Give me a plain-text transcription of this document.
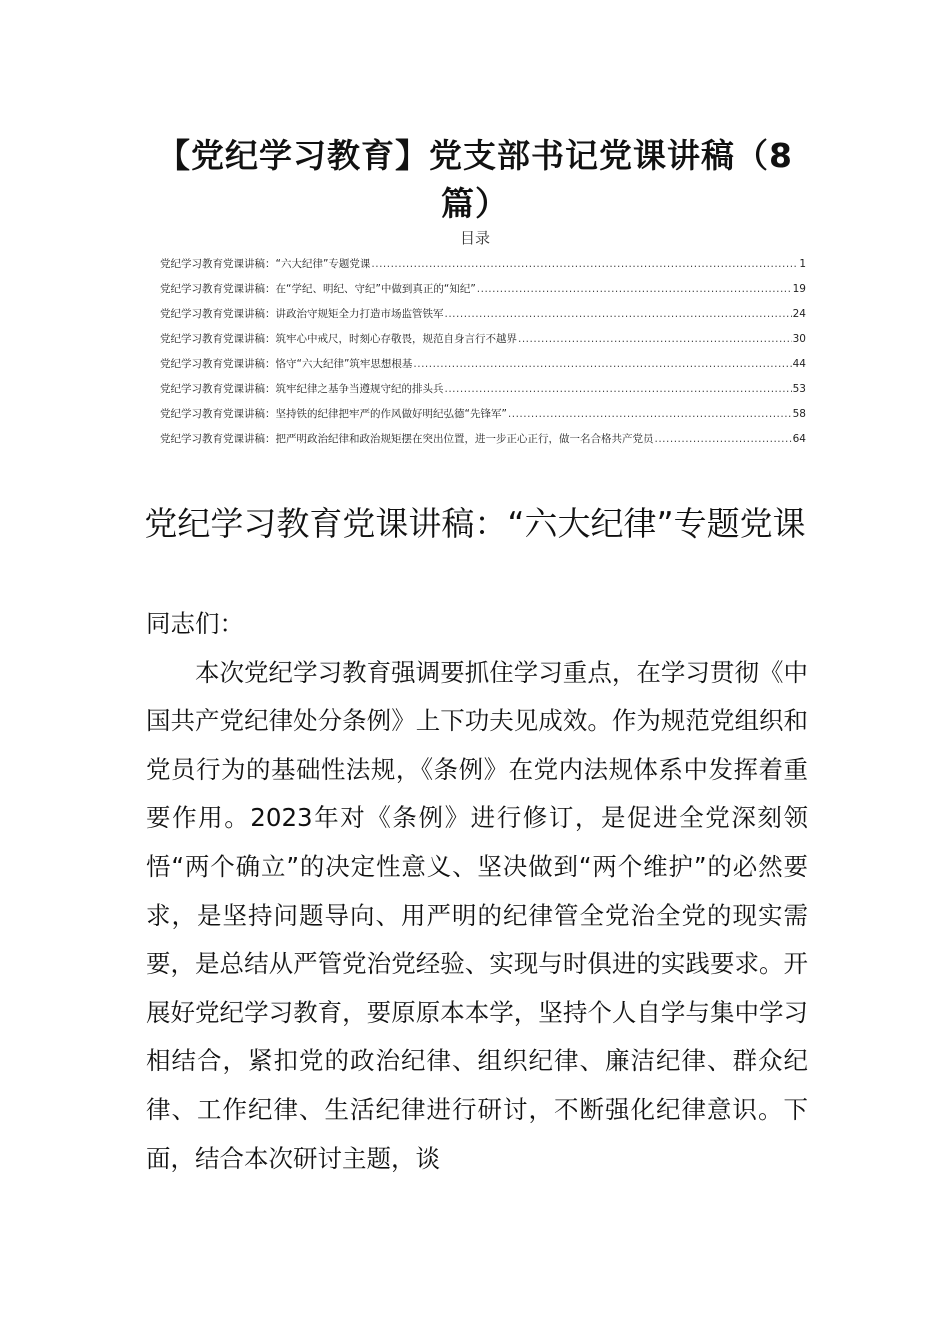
【党纪学习教育】党支部书记党课讲稿（8篇）
目录
党纪学习教育党课讲稿：“六大纪律”专题党课 .....	1
党纪学习教育党课讲稿：在“学纪、明纪、守纪”中做到真正的“知纪” .....	19
党纪学习教育党课讲稿：讲政治守规矩全力打造市场监管铁军 .....	24
党纪学习教育党课讲稿：筑牢心中戒尺，时刻心存敬畏，规范自身言行不越界 .....	30
党纪学习教育党课讲稿：恪守“六大纪律”筑牢思想根基 .....	44
党纪学习教育党课讲稿：筑牢纪律之基争当遵规守纪的排头兵 .....	53
党纪学习教育党课讲稿：坚持铁的纪律把牢严的作风做好明纪弘德“先锋军” .....	58
党纪学习教育党课讲稿：把严明政治纪律和政治规矩摆在突出位置，进一步正心正行，做一名合格共产党员 .....	64
党纪学习教育党课讲稿：“六大纪律”专题党课

同志们：

本次党纪学习教育强调要抓住学习重点，在学习贯彻《中国共产党纪律处分条例》上下功夫见成效。作为规范党组织和党员行为的基础性法规，《条例》在党内法规体系中发挥着重要作用。2023年对《条例》进行修订，是促进全党深刻领悟“两个确立”的决定性意义、坚决做到“两个维护”的必然要求，是坚持问题导向、用严明的纪律管全党治全党的现实需要，是总结从严管党治党经验、实现与时俱进的实践要求。开展好党纪学习教育，要原原本本学，坚持个人自学与集中学习相结合，紧扣党的政治纪律、组织纪律、廉洁纪律、群众纪律、工作纪律、生活纪律进行研讨，不断强化纪律意识。下面，结合本次研讨主题，谈
